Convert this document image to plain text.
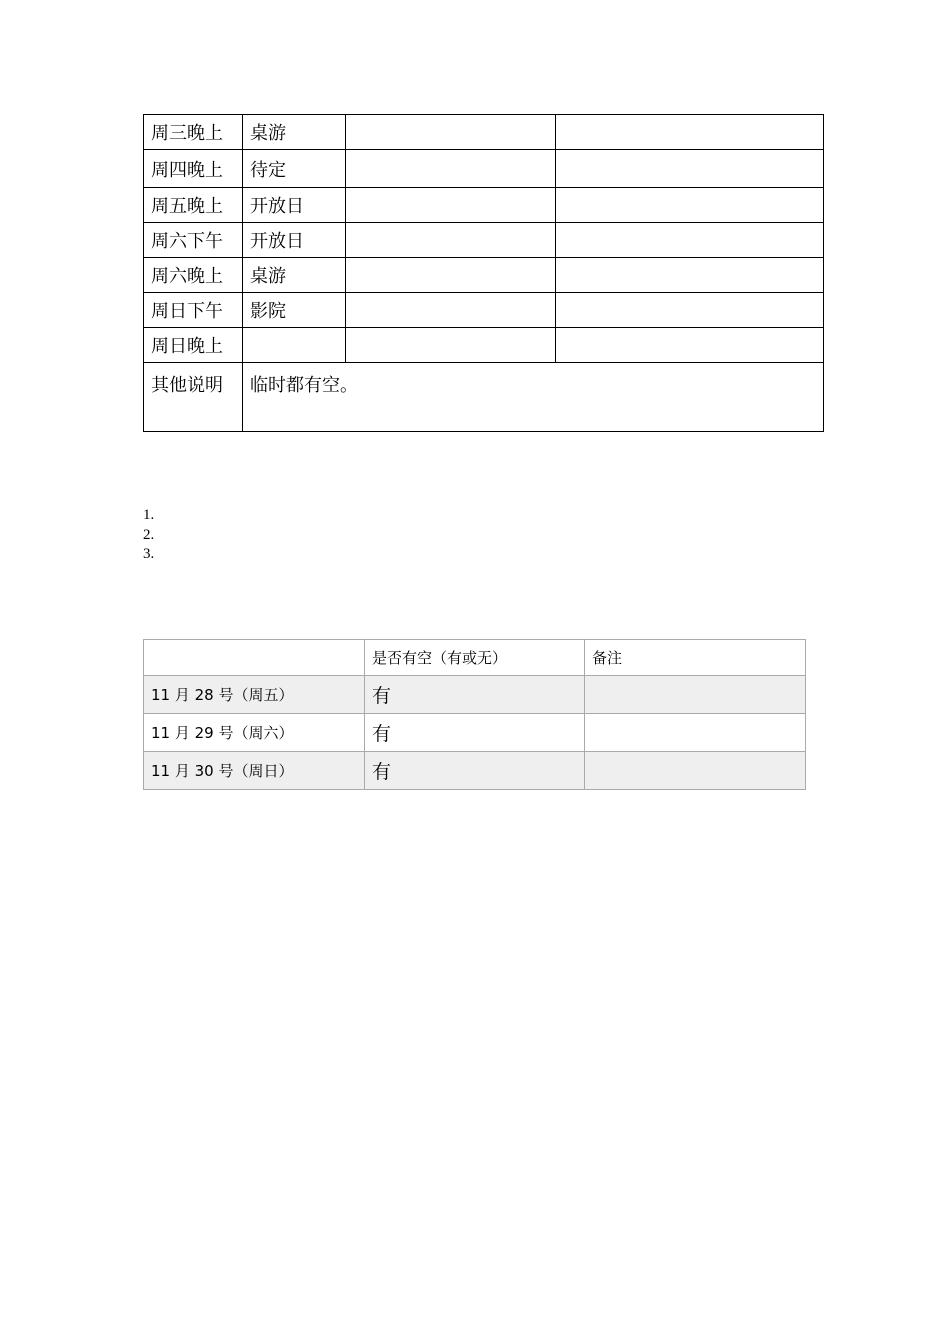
周三晚上	桌游		
周四晚上	待定		
周五晚上	开放日		
周六下午	开放日		
周六晚上	桌游		
周日下午	影院		
周日晚上			
其他说明	临时都有空。		
1.
2.
3.
	是否有空（有或无）	备注
11 月 28 号（周五）	有	
11 月 29 号（周六）	有	
11 月 30 号（周日）	有	
